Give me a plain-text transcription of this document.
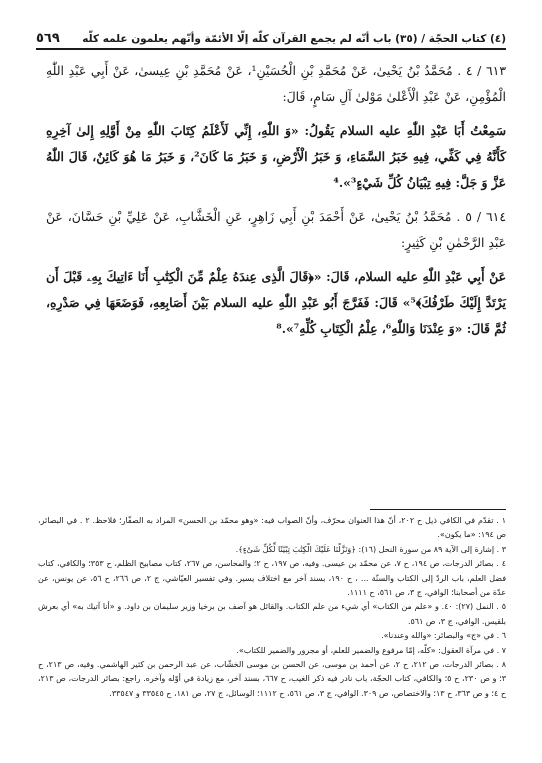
(٤) كتاب الحجّة / (٣٥) باب أنّه لم يجمع القرآن كلّه إلّا الأئمّة وأنّهم يعلمون علمه كلّه
٥٦٩

٦١٣ / ٤ . مُحَمَّدُ بْنُ يَحْيىٰ، عَنْ مُحَمَّدِ بْنِ الْحُسَيْنِ¹، عَنْ مُحَمَّدِ بْنِ عِيسىٰ، عَنْ أَبِي عَبْدِ اللّٰهِ الْمُؤْمِنِ، عَنْ عَبْدِ الْأَعْلىٰ مَوْلىٰ آلِ سَامٍ، قَالَ:

سَمِعْتُ أَبَا عَبْدِ اللّٰهِ عليه السلام يَقُولُ: «وَ اللّٰهِ، إِنِّي لَأَعْلَمُ كِتَابَ اللّٰهِ مِنْ أَوَّلِهِ إِلىٰ آخِرِهِ كَأَنَّهُ فِي كَفِّي، فِيهِ خَبَرُ السَّمَاءِ، وَ خَبَرُ الْأَرْضِ، وَ خَبَرُ مَا كَانَ²، وَ خَبَرُ مَا هُوَ كَائِنٌ، قَالَ اللّٰهُ عَزَّ وَ جَلَّ: فِيهِ تِبْيَانُ كُلِّ شَيْءٍ³».⁴

٦١٤ / ٥ . مُحَمَّدُ بْنُ يَحْيىٰ، عَنْ أَحْمَدَ بْنِ أَبِي زَاهِرٍ، عَنِ الْخَشَّابِ، عَنْ عَلِيِّ بْنِ حَسَّانَ، عَنْ عَبْدِ الرَّحْمٰنِ بْنِ كَثِيرٍ:

عَنْ أَبِي عَبْدِ اللّٰهِ عليه السلام، قَالَ: «﴿قَالَ الَّذِى عِندَهُ عِلْمٌ مِّنَ الْكِتَٰبِ أَنَا ءَاتِيكَ بِهِۦ قَبْلَ أَن يَرْتَدَّ إِلَيْكَ طَرْفُكَ﴾⁵» قَالَ: فَفَرَّجَ أَبُو عَبْدِ اللّٰهِ عليه السلام بَيْنَ أَصَابِعِهِ، فَوَضَعَهَا فِي صَدْرِهِ، ثُمَّ قَالَ: «وَ عِنْدَنَا وَاللّٰهِ⁶، عِلْمُ الْكِتَابِ كُلِّهِ⁷».⁸

١ . تقدّم في الكافي ذيل ح ٢٠٢، أنّ هذا العنوان محرّف، وأنّ الصواب فيه: «وهو محمّد بن الحسن» المراد به الصفّار؛ فلاحظ. ٢ . في البصائر، ص ١٩٤: «ما يكون».

٣ . إشارة إلى الآية ٨٩ من سورة النحل (١٦): ﴿وَنَزَّلْنَا عَلَيْكَ الْكِتَٰبَ تِبْيَٰنًا لِّكُلِّ شَىْءٍ﴾.

٤ . بصائر الدرجات، ص ١٩٤، ح ٧، عن محمّد بن عيسى. وفيه، ص ١٩٧، ح ٢؛ والمحاسن، ص ٢٦٧، كتاب مصابيح الظلم، ح ٣٥٣؛ والكافي، كتاب فضل العلم، باب الردّ إلى الكتاب والسنّة ... ، ح ١٩٠، بسند آخر مع اختلاف يسير. وفي تفسير العيّاشي، ج ٢، ص ٢٦٦، ح ٥٦، عن يونس، عن عدّة من أصحابنا؛ الوافي، ج ٣، ص ٥٦١، ح ١١١١.

٥ . النمل (٢٧): ٤٠. و «علم من الكتاب» أي شيء من علم الكتاب. والقائل هو آصف بن برخيا وزير سليمان بن داود. و «أنا آتيك به» أي بعرش بلقيس. الوافي، ج ٣، ص ٥٦١.

٦ . في «ج» والبصائر: «والله وعندنا».

٧ . في مرآة العقول: «كلّه، إمّا مرفوع والضمير للعلم، أو مجرور والضمير للكتاب».

٨ . بصائر الدرجات، ص ٢١٢، ح ٢، عن أحمد بن موسى، عن الحسن بن موسى الخشّاب، عن عبد الرحمن بن كثير الهاشمي. وفيه، ص ٢١٣، ح ٣؛ و ص ٢٣٠، ح ٥؛ والكافي، كتاب الحجّة، باب نادر فيه ذكر الغيب، ح ٦٦٧، بسند آخر، مع زيادة في أوّله وآخره. راجع: بصائر الدرجات، ص ٢١٣، ح ٤؛ و ص ٣٦٣، ح ١٣؛ والاختصاص، ص ٣٠٩. الوافي، ج ٣، ص ٥٦١، ح ١١١٢؛ الوسائل، ج ٢٧، ص ١٨١، ح ٣٣٥٤٥ و ٣٣٥٤٧.
